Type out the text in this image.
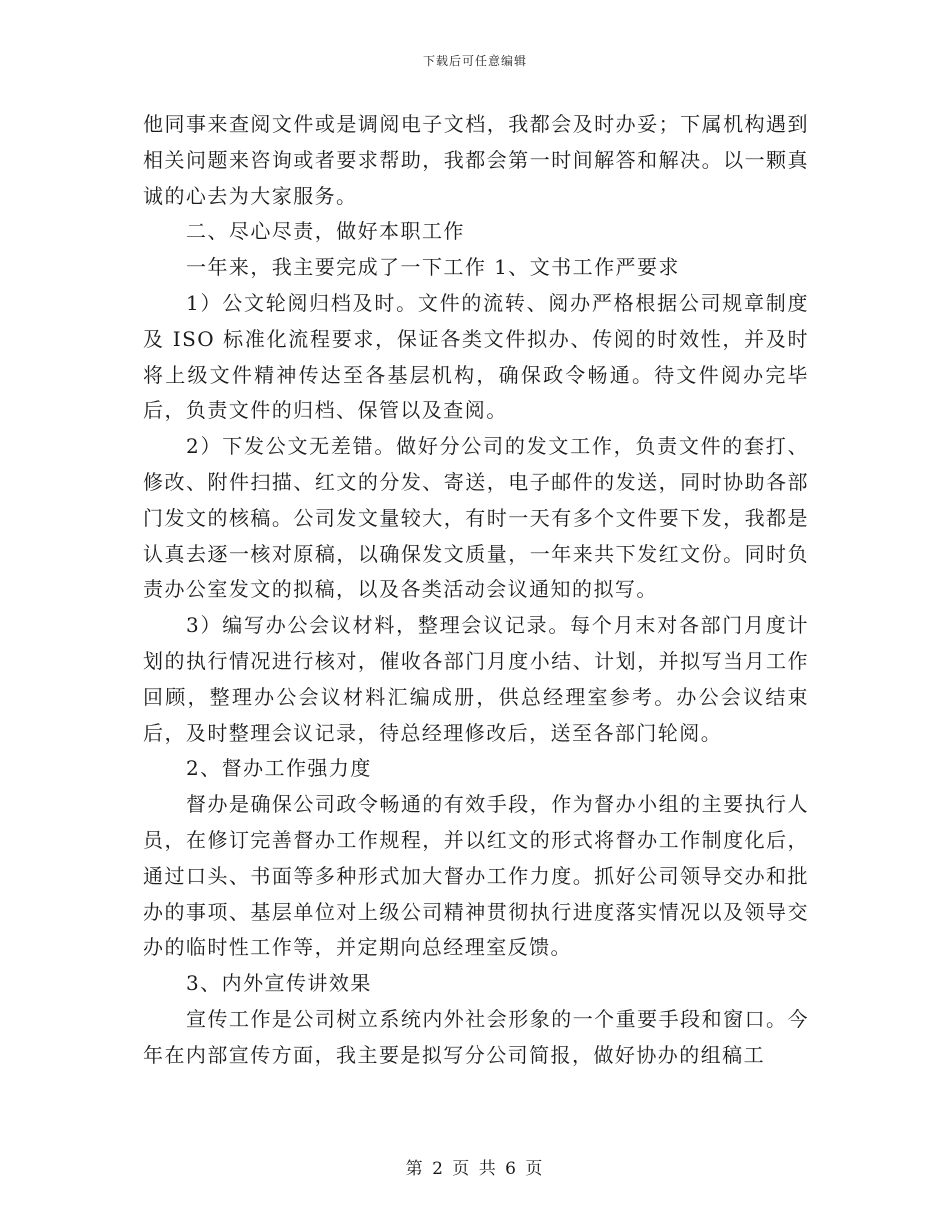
下载后可任意编辑

他同事来查阅文件或是调阅电子文档，我都会及时办妥；下属机构遇到相关问题来咨询或者要求帮助，我都会第一时间解答和解决。以一颗真诚的心去为大家服务。

二、尽心尽责，做好本职工作

一年来，我主要完成了一下工作 1、文书工作严要求

1）公文轮阅归档及时。文件的流转、阅办严格根据公司规章制度及 ISO 标准化流程要求，保证各类文件拟办、传阅的时效性，并及时将上级文件精神传达至各基层机构，确保政令畅通。待文件阅办完毕后，负责文件的归档、保管以及查阅。

2）下发公文无差错。做好分公司的发文工作，负责文件的套打、修改、附件扫描、红文的分发、寄送，电子邮件的发送，同时协助各部门发文的核稿。公司发文量较大，有时一天有多个文件要下发，我都是认真去逐一核对原稿，以确保发文质量，一年来共下发红文份。同时负责办公室发文的拟稿，以及各类活动会议通知的拟写。

3）编写办公会议材料，整理会议记录。每个月末对各部门月度计划的执行情况进行核对，催收各部门月度小结、计划，并拟写当月工作回顾，整理办公会议材料汇编成册，供总经理室参考。办公会议结束后，及时整理会议记录，待总经理修改后，送至各部门轮阅。

2、督办工作强力度

督办是确保公司政令畅通的有效手段，作为督办小组的主要执行人员，在修订完善督办工作规程，并以红文的形式将督办工作制度化后，通过口头、书面等多种形式加大督办工作力度。抓好公司领导交办和批办的事项、基层单位对上级公司精神贯彻执行进度落实情况以及领导交办的临时性工作等，并定期向总经理室反馈。

3、内外宣传讲效果

宣传工作是公司树立系统内外社会形象的一个重要手段和窗口。今年在内部宣传方面，我主要是拟写分公司简报，做好协办的组稿工

第 2 页 共 6 页
